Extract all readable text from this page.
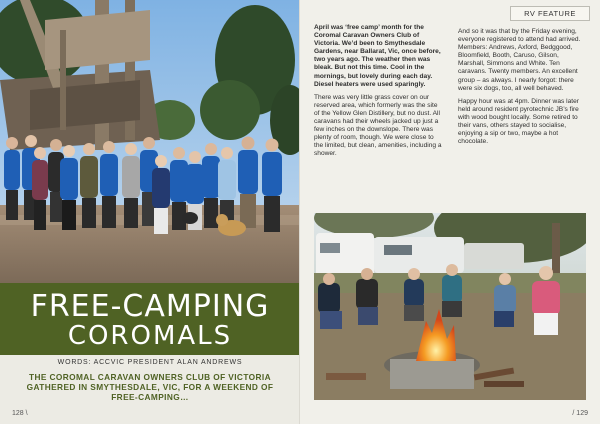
FREE-CAMPING
COROMALS
WORDS: ACCVIC PRESIDENT ALAN ANDREWS
THE COROMAL CARAVAN OWNERS CLUB OF VICTORIA GATHERED IN SMYTHESDALE, VIC, FOR A WEEKEND OF FREE-CAMPING…
128 \
RV FEATURE

April was ‘free camp’ month for the Coromal Caravan Owners Club of Victoria. We’d been to Smythesdale Gardens, near Ballarat, Vic, once before, two years ago. The weather then was bleak. But not this time. Cool in the mornings, but lovely during each day. Diesel heaters were used sparingly.

There was very little grass cover on our reserved area, which formerly was the site of the Yellow Glen Distillery, but no dust. All caravans had their wheels jacked up just a few inches on the downslope. There was plenty of room, though. We were close to the limited, but clean, amenities, including a shower.

And so it was that by the Friday evening, everyone registered to attend had arrived. Members: Andrews, Axford, Bedggood, Bloomfield, Booth, Caruso, Gilson, Marshall, Simmons and White. Ten caravans. Twenty members. An excellent group – as always. I nearly forgot: there were six dogs, too, all well behaved.

Happy hour was at 4pm. Dinner was later held around resident pyrotechnic JB’s fire with wood bought locally. Some retired to their vans, others stayed to socialise, enjoying a sip or two, maybe a hot chocolate.

/ 129
